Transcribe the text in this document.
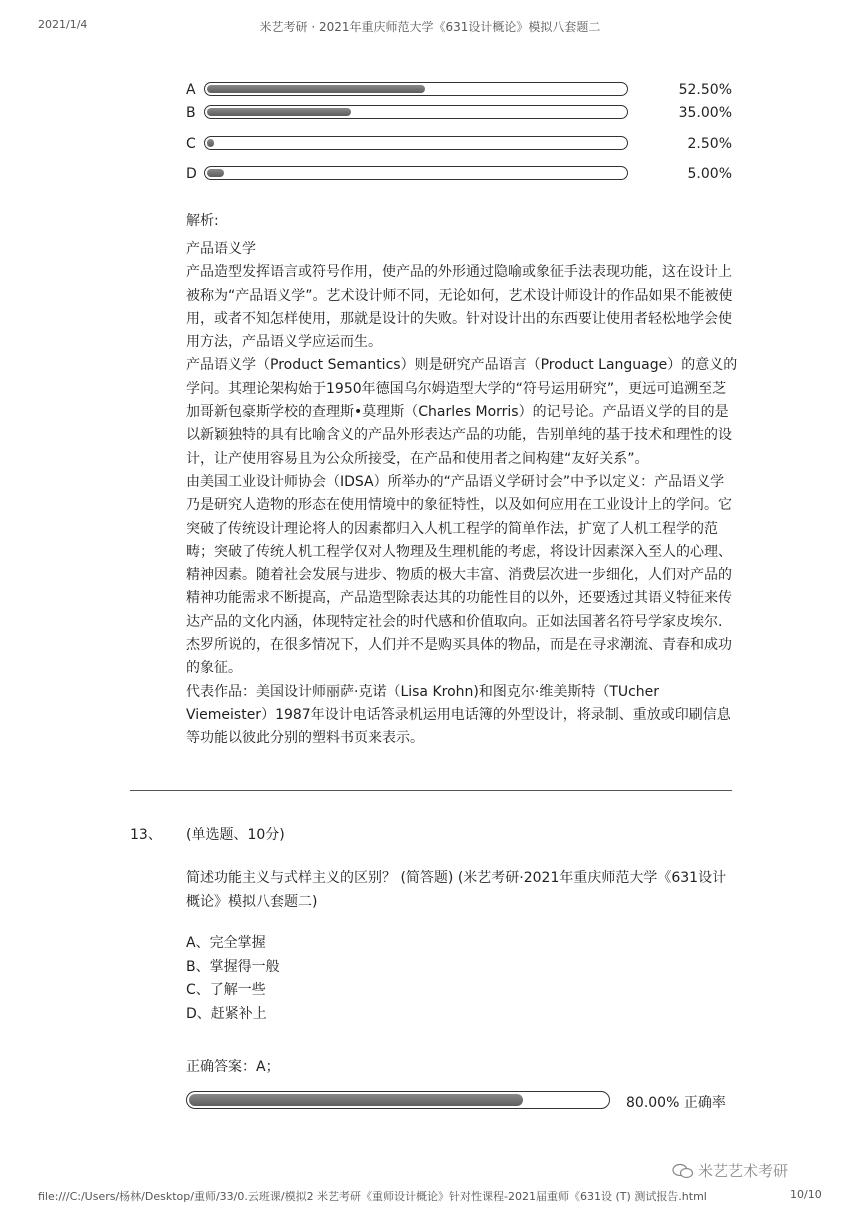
2021/1/4	米艺考研 · 2021年重庆师范大学《631设计概论》模拟八套题二
A	52.50%
B	35.00%
C	2.50%
D	5.00%
解析:

产品语义学

产品造型发挥语言或符号作用，使产品的外形通过隐喻或象征手法表现功能，这在设计上被称为“产品语义学”。艺术设计师不同，无论如何，艺术设计师设计的作品如果不能被使用，或者不知怎样使用，那就是设计的失败。针对设计出的东西要让使用者轻松地学会使用方法，产品语义学应运而生。

产品语义学（Product Semantics）则是研究产品语言（Product Language）的意义的学问。其理论架构始于1950年德国乌尔姆造型大学的“符号运用研究”，更远可追溯至芝加哥新包豪斯学校的查理斯•莫理斯（Charles Morris）的记号论。产品语义学的目的是以新颖独特的具有比喻含义的产品外形表达产品的功能，告别单纯的基于技术和理性的设计，让产使用容易且为公众所接受，在产品和使用者之间构建“友好关系”。

由美国工业设计师协会（IDSA）所举办的“产品语义学研讨会”中予以定义：产品语义学乃是研究人造物的形态在使用情境中的象征特性，以及如何应用在工业设计上的学问。它突破了传统设计理论将人的因素都归入人机工程学的简单作法，扩宽了人机工程学的范畴；突破了传统人机工程学仅对人物理及生理机能的考虑，将设计因素深入至人的心理、精神因素。随着社会发展与进步、物质的极大丰富、消费层次进一步细化，人们对产品的精神功能需求不断提高，产品造型除表达其的功能性目的以外，还要透过其语义特征来传达产品的文化内涵，体现特定社会的时代感和价值取向。正如法国著名符号学家皮埃尔. 杰罗所说的，在很多情况下，人们并不是购买具体的物品，而是在寻求潮流、青春和成功的象征。

代表作品：美国设计师丽萨·克诺（Lisa Krohn)和图克尔·维美斯特（TUcher Viemeister）1987年设计电话答录机运用电话簿的外型设计，将录制、重放或印刷信息等功能以彼此分别的塑料书页来表示。

13、 (单选题、10分)
简述功能主义与式样主义的区别？ (简答题) (米艺考研·2021年重庆师范大学《631设计概论》模拟八套题二)
A、完全掌握
B、掌握得一般
C、了解一些
D、赶紧补上
正确答案：A；
80.00% 正确率
米艺艺术考研
file:///C:/Users/杨林/Desktop/重师/33/0.云班课/模拟2 米艺考研《重师设计概论》针对性课程-2021届重师《631设 (T) 测试报告.html	10/10
